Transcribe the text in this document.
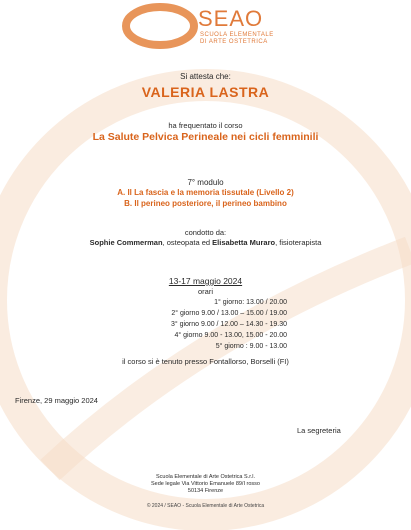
SEAO
SCUOLA ELEMENTALE
DI ARTE OSTETRICA
Si attesta che:
VALERIA LASTRA
ha frequentato il corso
La Salute Pelvica Perineale nei cicli femminili
7° modulo
A. Il La fascia e la memoria tissutale (Livello 2)
B. Il perineo posteriore, il perineo bambino
condotto da:
Sophie Commerman, osteopata ed Elisabetta Muraro, fisioterapista
13-17 maggio 2024
orari
1° giorno: 13.00 / 20.00
2° giorno 9.00 / 13.00 – 15.00 / 19.00
3° giorno 9.00 / 12.00 – 14.30 - 19.30
4° giorno 9.00 - 13.00, 15.00 - 20.00
5° giorno : 9.00 - 13.00
il corso si è tenuto presso Fontallorso, Borselli (FI)
Firenze, 29 maggio 2024
La segreteria
Scuola Elementale di Arte Ostetrica S.r.l.
Sede legale Via Vittorio Emanuele 89/I rosso
50134 Firenze
© 2024 / SEAO - Scuola Elementale di Arte Ostetrica
